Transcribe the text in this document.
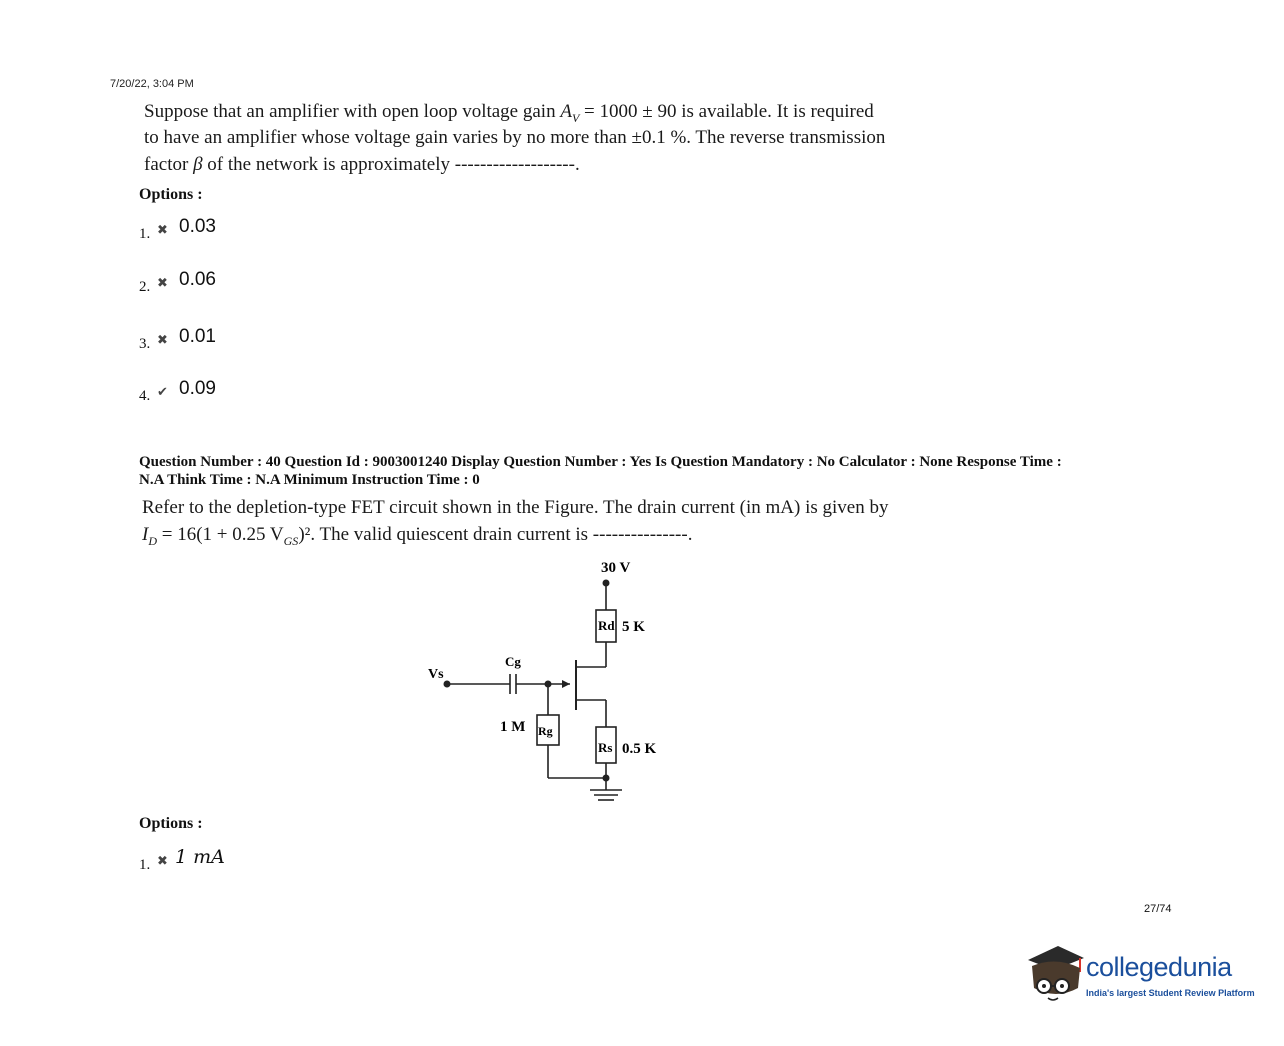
7/20/22, 3:04 PM
Suppose that an amplifier with open loop voltage gain $A_V = 1000 \pm 90$ is available. It is required
to have an amplifier whose voltage gain varies by no more than ±0.1 %. The reverse transmission
factor β of the network is approximately -------------------.
Options :
1. ✖ 0.03
2. ✖ 0.06
3. ✖ 0.01
4. ✔ 0.09
Question Number : 40 Question Id : 9003001240 Display Question Number : Yes Is Question Mandatory : No Calculator : None Response Time :
N.A Think Time : N.A Minimum Instruction Time : 0
Refer to the depletion-type FET circuit shown in the Figure. The drain current (in mA) is given by
$I_D = 16(1 + 0.25$ $V_{GS})^2$. The valid quiescent drain current is ---------------.
30 V
Rd 5 K
Cg
Vs
Rg
1 M
Rs 0.5 K
Options :
1. ✖ 1 mA
27/74
collegedunia
India's largest Student Review Platform
